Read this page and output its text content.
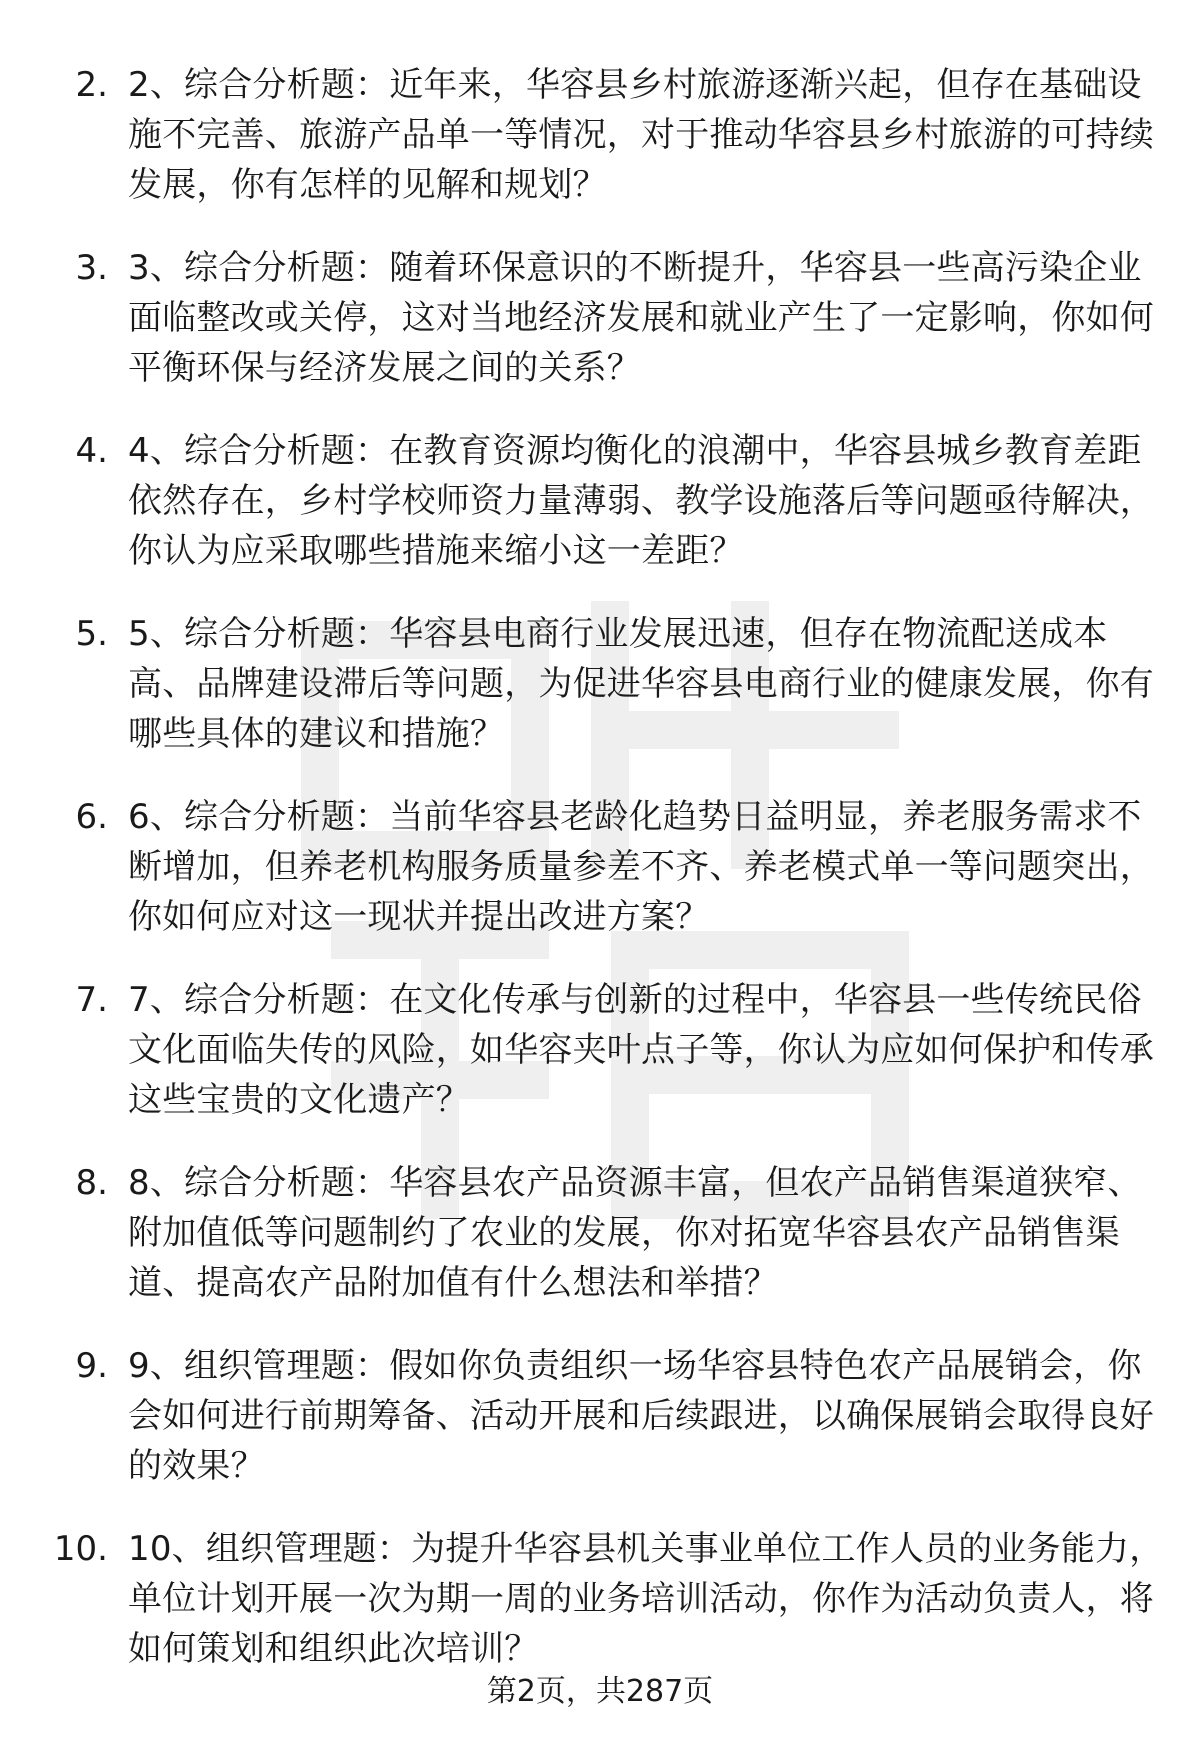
2. 2、综合分析题：近年来，华容县乡村旅游逐渐兴起，但存在基础设施不完善、旅游产品单一等情况，对于推动华容县乡村旅游的可持续发展，你有怎样的见解和规划？
3. 3、综合分析题：随着环保意识的不断提升，华容县一些高污染企业面临整改或关停，这对当地经济发展和就业产生了一定影响，你如何平衡环保与经济发展之间的关系？
4. 4、综合分析题：在教育资源均衡化的浪潮中，华容县城乡教育差距依然存在，乡村学校师资力量薄弱、教学设施落后等问题亟待解决，你认为应采取哪些措施来缩小这一差距？
5. 5、综合分析题：华容县电商行业发展迅速，但存在物流配送成本高、品牌建设滞后等问题，为促进华容县电商行业的健康发展，你有哪些具体的建议和措施？
6. 6、综合分析题：当前华容县老龄化趋势日益明显，养老服务需求不断增加，但养老机构服务质量参差不齐、养老模式单一等问题突出，你如何应对这一现状并提出改进方案？
7. 7、综合分析题：在文化传承与创新的过程中，华容县一些传统民俗文化面临失传的风险，如华容夹叶点子等，你认为应如何保护和传承这些宝贵的文化遗产？
8. 8、综合分析题：华容县农产品资源丰富，但农产品销售渠道狭窄、附加值低等问题制约了农业的发展，你对拓宽华容县农产品销售渠道、提高农产品附加值有什么想法和举措？
9. 9、组织管理题：假如你负责组织一场华容县特色农产品展销会，你会如何进行前期筹备、活动开展和后续跟进，以确保展销会取得良好的效果？
10. 10、组织管理题：为提升华容县机关事业单位工作人员的业务能力，单位计划开展一次为期一周的业务培训活动，你作为活动负责人，将如何策划和组织此次培训？
第2页，共287页
